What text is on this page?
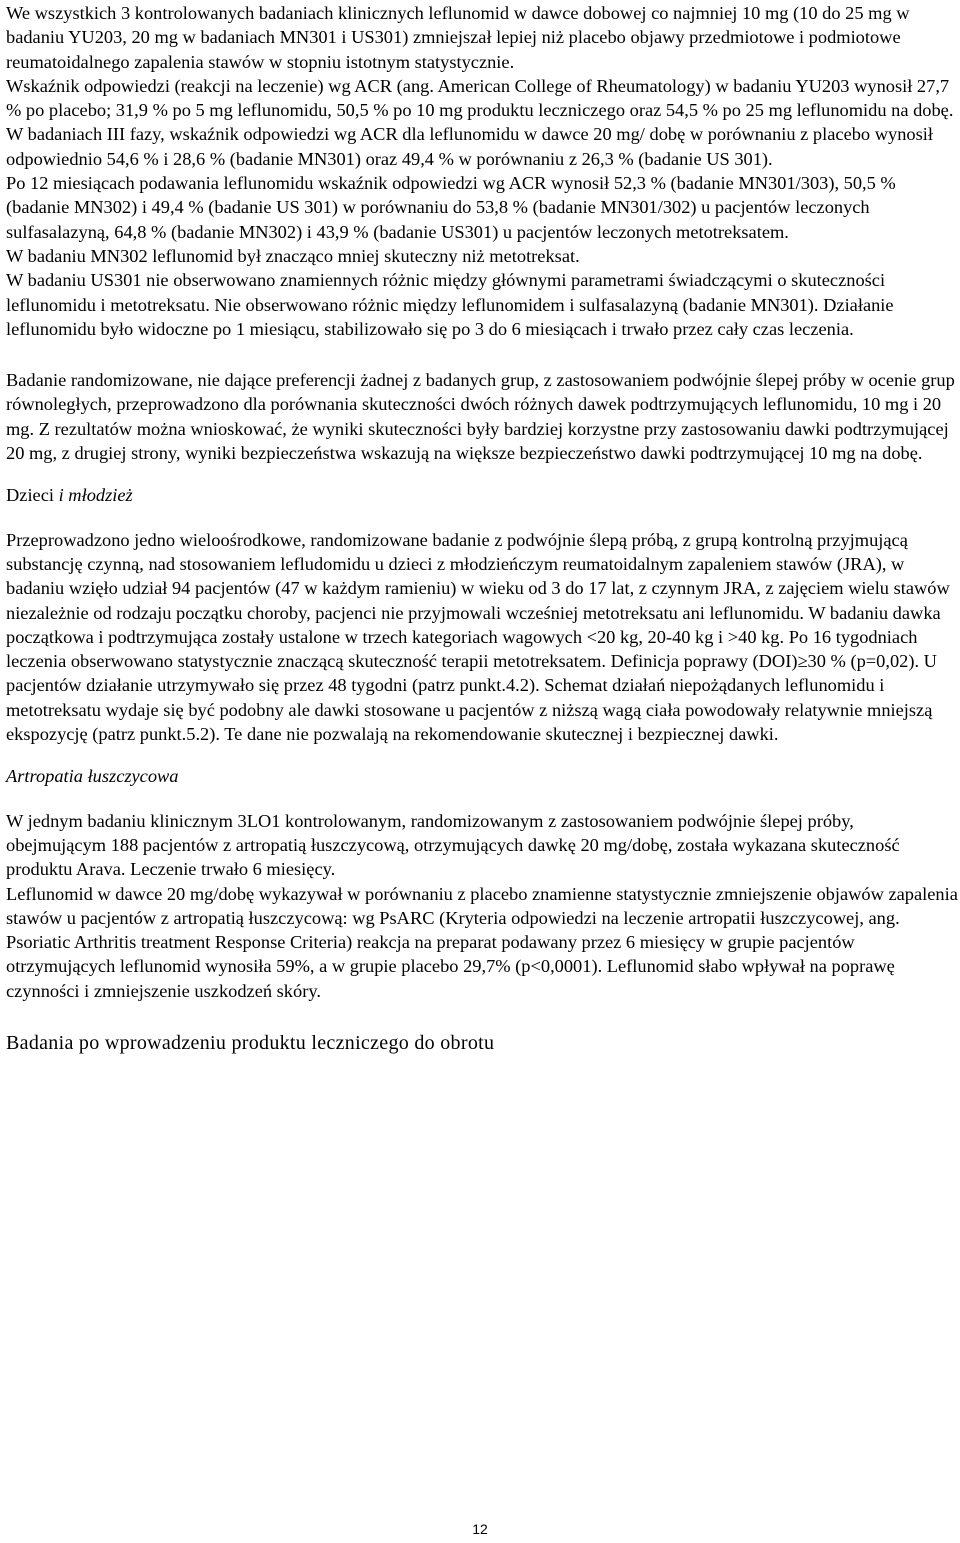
We wszystkich 3 kontrolowanych badaniach klinicznych leflunomid w dawce dobowej co najmniej 10 mg (10 do 25 mg w badaniu YU203, 20 mg w badaniach MN301 i US301) zmniejszał lepiej niż placebo objawy przedmiotowe i podmiotowe reumatoidalnego zapalenia stawów w stopniu istotnym statystycznie.

Wskaźnik odpowiedzi (reakcji na leczenie) wg ACR (ang. American College of Rheumatology) w badaniu YU203 wynosił 27,7 % po placebo; 31,9 % po 5 mg leflunomidu, 50,5 % po 10 mg produktu leczniczego oraz 54,5 % po 25 mg leflunomidu na dobę.

W badaniach III fazy, wskaźnik odpowiedzi wg ACR dla leflunomidu w dawce 20 mg/ dobę w porównaniu z placebo wynosił odpowiednio 54,6 % i 28,6 % (badanie MN301) oraz 49,4 % w porównaniu z 26,3 % (badanie US 301).

Po 12 miesiącach podawania leflunomidu wskaźnik odpowiedzi wg ACR wynosił 52,3 % (badanie MN301/303), 50,5 % (badanie MN302) i 49,4 % (badanie US 301) w porównaniu do 53,8 % (badanie MN301/302) u pacjentów leczonych sulfasalazyną, 64,8 % (badanie MN302) i 43,9 % (badanie US301) u pacjentów leczonych metotreksatem.

W badaniu MN302 leflunomid był znacząco mniej skuteczny niż metotreksat.

W badaniu US301 nie obserwowano znamiennych różnic między głównymi parametrami świadczącymi o skuteczności leflunomidu i metotreksatu. Nie obserwowano różnic między leflunomidem i sulfasalazyną (badanie MN301). Działanie leflunomidu było widoczne po 1 miesiącu, stabilizowało się po 3 do 6 miesiącach i trwało przez cały czas leczenia.

Badanie randomizowane, nie dające preferencji żadnej z badanych grup, z zastosowaniem podwójnie ślepej próby w ocenie grup równoległych, przeprowadzono dla porównania skuteczności dwóch różnych dawek podtrzymujących leflunomidu, 10 mg i 20 mg. Z rezultatów można wnioskować, że wyniki skuteczności były bardziej korzystne przy zastosowaniu dawki podtrzymującej 20 mg, z drugiej strony, wyniki bezpieczeństwa wskazują na większe bezpieczeństwo dawki podtrzymującej 10 mg na dobę.

Dzieci i młodzież

Przeprowadzono jedno wieloośrodkowe, randomizowane badanie z podwójnie ślepą próbą, z grupą kontrolną przyjmującą substancję czynną, nad stosowaniem lefludomidu u dzieci z młodzieńczym reumatoidalnym zapaleniem stawów (JRA), w badaniu wzięło udział 94 pacjentów (47 w każdym ramieniu) w wieku od 3 do 17 lat, z czynnym JRA, z zajęciem wielu stawów niezależnie od rodzaju początku choroby, pacjenci nie przyjmowali wcześniej metotreksatu ani leflunomidu. W badaniu dawka początkowa i podtrzymująca zostały ustalone w trzech kategoriach wagowych <20 kg, 20-40 kg i >40 kg. Po 16 tygodniach leczenia obserwowano statystycznie znaczącą skuteczność terapii metotreksatem. Definicja poprawy (DOI)≥30 % (p=0,02). U pacjentów działanie utrzymywało się przez 48 tygodni (patrz punkt.4.2). Schemat działań niepożądanych leflunomidu i metotreksatu wydaje się być podobny ale dawki stosowane u pacjentów z niższą wagą ciała powodowały relatywnie mniejszą ekspozycję (patrz punkt.5.2). Te dane nie pozwalają na rekomendowanie skutecznej i bezpiecznej dawki.

Artropatia łuszczycowa

W jednym badaniu klinicznym 3LO1 kontrolowanym, randomizowanym z zastosowaniem podwójnie ślepej próby, obejmującym 188 pacjentów z artropatią łuszczycową, otrzymujących dawkę 20 mg/dobę, została wykazana skuteczność produktu Arava. Leczenie trwało 6 miesięcy.

Leflunomid w dawce 20 mg/dobę wykazywał w porównaniu z placebo znamienne statystycznie zmniejszenie objawów zapalenia stawów u pacjentów z artropatią łuszczycową: wg PsARC (Kryteria odpowiedzi na leczenie artropatii łuszczycowej, ang. Psoriatic Arthritis treatment Response Criteria) reakcja na preparat podawany przez 6 miesięcy w grupie pacjentów otrzymujących leflunomid wynosiła 59%, a w grupie placebo 29,7% (p<0,0001). Leflunomid słabo wpływał na poprawę czynności i zmniejszenie uszkodzeń skóry.

Badania po wprowadzeniu produktu leczniczego do obrotu

12
